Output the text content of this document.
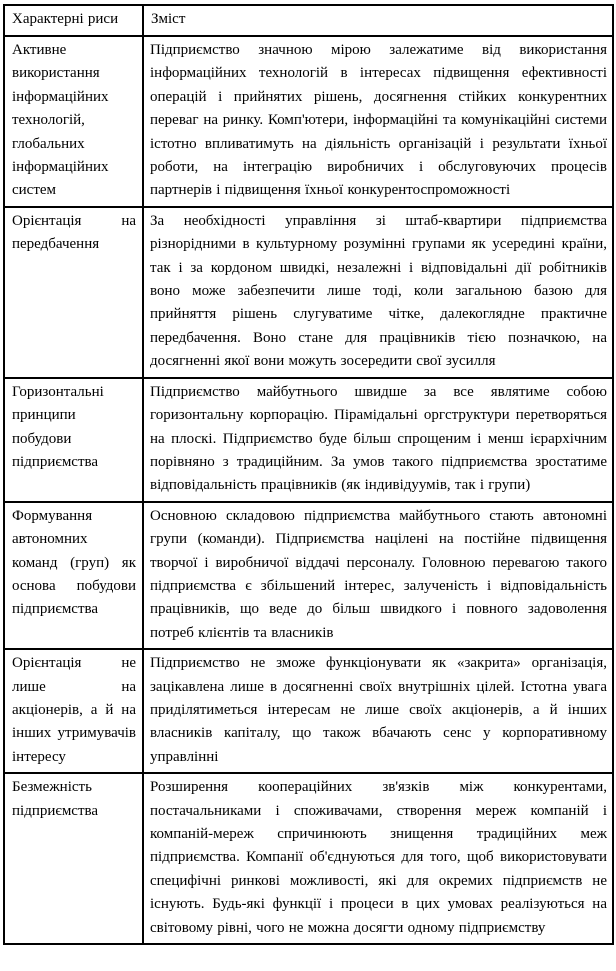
Характерні риси	Зміст
Активне використання інформаційних технологій, глобальних інформаційних систем	Підприємство значною мірою залежатиме від використання інформаційних технологій в інтересах підвищення ефективності операцій і прийнятих рішень, досягнення стійких конкурентних переваг на ринку. Комп'ютери, інформаційні та комунікаційні системи істотно впливатимуть на діяльність організацій і результати їхньої роботи, на інтеграцію виробничих і обслуговуючих процесів партнерів і підвищення їхньої конкурентоспроможності
Орієнтація на передбачення	За необхідності управління зі штаб-квартири підприємства різнорідними в культурному розумінні групами як усередині країни, так і за кордоном швидкі, незалежні і відповідальні дії робітників воно може забезпечити лише тоді, коли загальною базою для прийняття рішень слугуватиме чітке, далекоглядне практичне передбачення. Воно стане для працівників тією позначкою, на досягненні якої вони можуть зосередити свої зусилля
Горизонтальні принципи побудови підприємства	Підприємство майбутнього швидше за все являтиме собою горизонтальну корпорацію. Пірамідальні оргструктури перетворяться на плоскі. Підприємство буде більш спрощеним і менш ієрархічним порівняно з традиційним. За умов такого підприємства зростатиме відповідальність працівників (як індивідуумів, так і групи)
Формування автономних команд (груп) як основа побудови підприємства	Основною складовою підприємства майбутнього стають автономні групи (команди). Підприємства націлені на постійне підвищення творчої і виробничої віддачі персоналу. Головною перевагою такого підприємства є збільшений інтерес, залученість і відповідальність працівників, що веде до більш швидкого і повного задоволення потреб клієнтів та власників
Орієнтація не лише на акціонерів, а й на інших утримувачів інтересу	Підприємство не зможе функціонувати як «закрита» організація, зацікавлена лише в досягненні своїх внутрішніх цілей. Істотна увага приділятиметься інтересам не лише своїх акціонерів, а й інших власників капіталу, що також вбачають сенс у корпоративному управлінні
Безмежність підприємства	Розширення коопераційних зв'язків між конкурентами, постачальниками і споживачами, створення мереж компаній і компаній-мереж спричинюють знищення традиційних меж підприємства. Компанії об'єднуються для того, щоб використовувати специфічні ринкові можливості, які для окремих підприємств не існують. Будь-які функції і процеси в цих умовах реалізуються на світовому рівні, чого не можна досягти одному підприємству
